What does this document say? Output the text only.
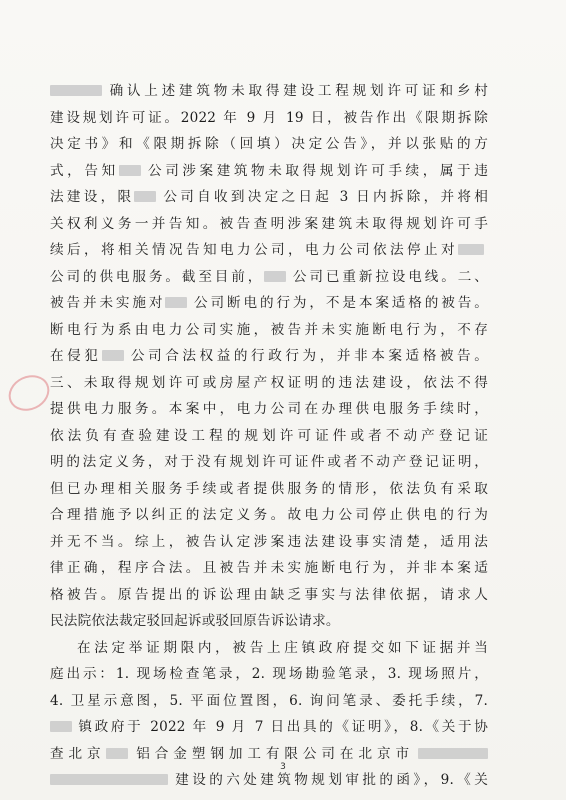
确认上述建筑物未取得建设工程规划许可证和乡村
建设规划许可证。2022 年 9 月 19 日，被告作出《限期拆除
决定书》和《限期拆除（回填）决定公告》，并以张贴的方
式，告知 公司涉案建筑物未取得规划许可手续，属于违
法建设，限 公司自收到决定之日起 3 日内拆除，并将相
关权利义务一并告知。被告查明涉案建筑未取得规划许可手
续后，将相关情况告知电力公司，电力公司依法停止对
公司的供电服务。截至目前， 公司已重新拉设电线。二、
被告并未实施对 公司断电的行为，不是本案适格的被告。
断电行为系由电力公司实施，被告并未实施断电行为，不存
在侵犯 公司合法权益的行政行为，并非本案适格被告。
三、未取得规划许可或房屋产权证明的违法建设，依法不得
提供电力服务。本案中，电力公司在办理供电服务手续时，
依法负有查验建设工程的规划许可证件或者不动产登记证
明的法定义务，对于没有规划许可证件或者不动产登记证明，
但已办理相关服务手续或者提供服务的情形，依法负有采取
合理措施予以纠正的法定义务。故电力公司停止供电的行为
并无不当。综上，被告认定涉案违法建设事实清楚，适用法
律正确，程序合法。且被告并未实施断电行为，并非本案适
格被告。原告提出的诉讼理由缺乏事实与法律依据，请求人
民法院依法裁定驳回起诉或驳回原告诉讼请求。
在法定举证期限内，被告上庄镇政府提交如下证据并当
庭出示：1. 现场检查笔录，2. 现场勘验笔录，3. 现场照片，
4. 卫星示意图，5. 平面位置图，6. 询问笔录、委托手续，7.
镇政府于 2022 年 9 月 7 日出具的《证明》，8.《关于协
查北京 铝合金塑钢加工有限公司在北京市
建设的六处建筑物规划审批的函》，9.《关
3
